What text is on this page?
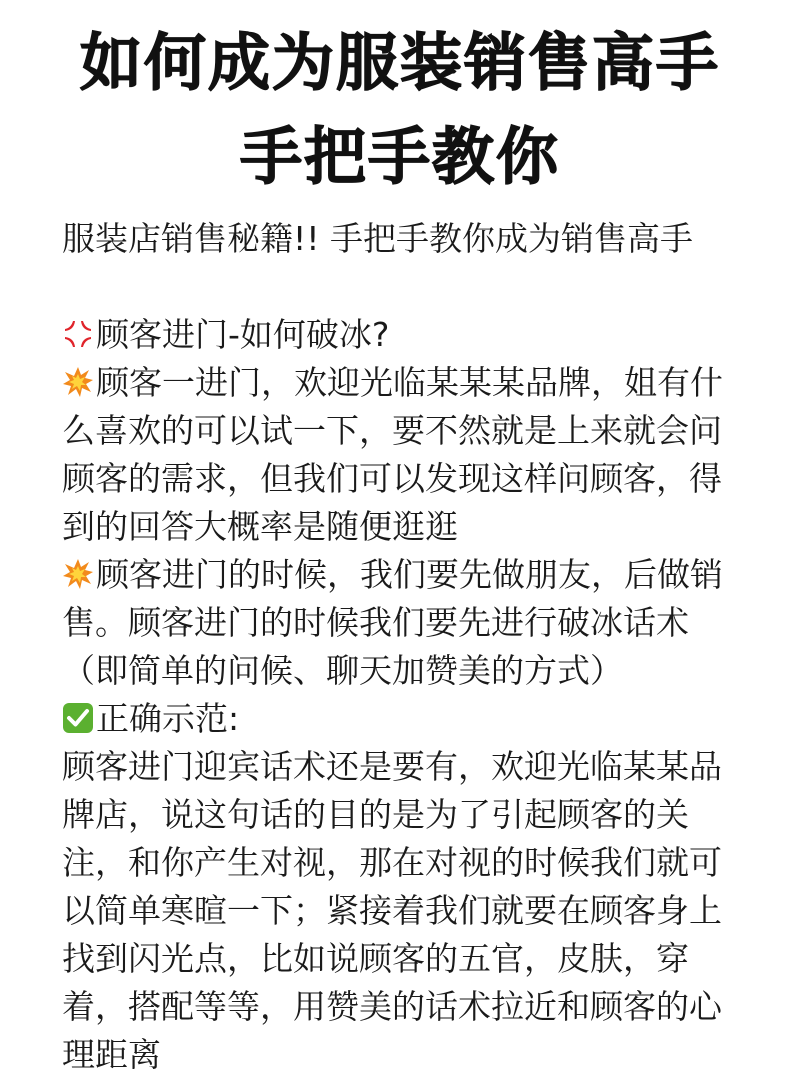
如何成为服装销售高手
手把手教你
服装店销售秘籍!! 手把手教你成为销售高手
顾客进门-如何破冰?
顾客一进门，欢迎光临某某某品牌，姐有什
么喜欢的可以试一下，要不然就是上来就会问
顾客的需求，但我们可以发现这样问顾客，得
到的回答大概率是随便逛逛
顾客进门的时候，我们要先做朋友，后做销
售。顾客进门的时候我们要先进行破冰话术
（即简单的问候、聊天加赞美的方式）
正确示范:
顾客进门迎宾话术还是要有，欢迎光临某某品
牌店，说这句话的目的是为了引起顾客的关
注，和你产生对视，那在对视的时候我们就可
以简单寒暄一下；紧接着我们就要在顾客身上
找到闪光点，比如说顾客的五官，皮肤，穿
着，搭配等等，用赞美的话术拉近和顾客的心
理距离
